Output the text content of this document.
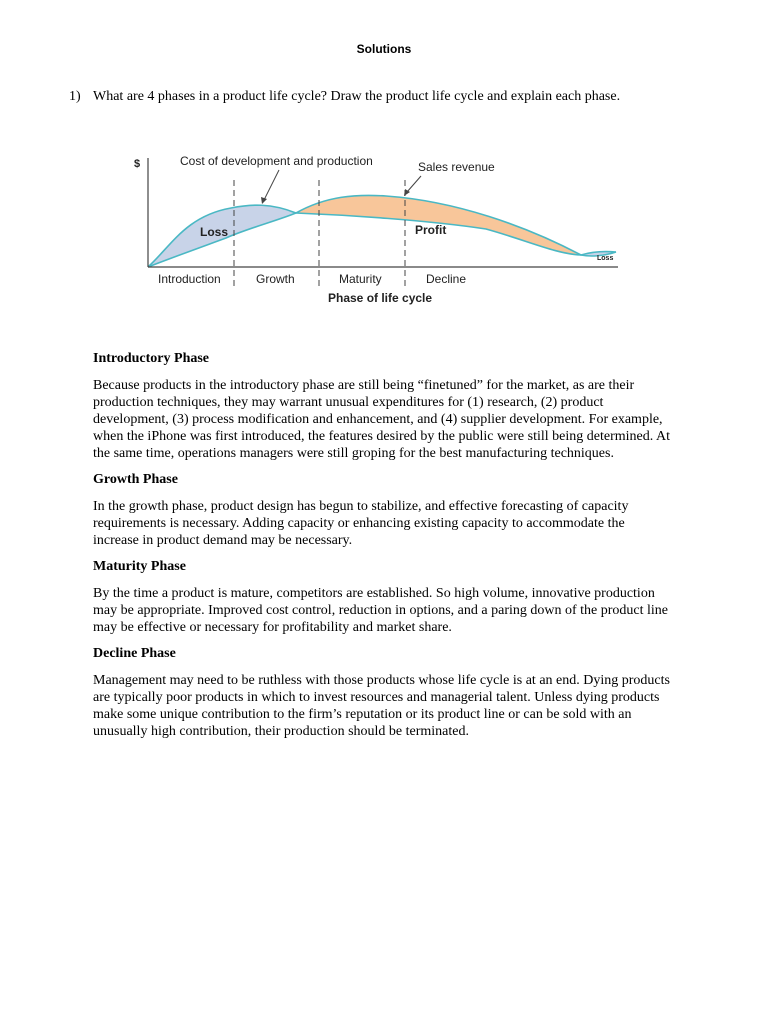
Solutions
1) What are 4 phases in a product life cycle? Draw the product life cycle and explain each phase.
$	Cost of development and production	Sales revenue
Loss	Profit
Loss
Introduction	Growth	Maturity	Decline
Phase of life cycle
Introductory Phase
Because products in the introductory phase are still being “finetuned” for the market, as are their production techniques, they may warrant unusual expenditures for (1) research, (2) product development, (3) process modification and enhancement, and (4) supplier development. For example, when the iPhone was first introduced, the features desired by the public were still being determined. At the same time, operations managers were still groping for the best manufacturing techniques.
Growth Phase
In the growth phase, product design has begun to stabilize, and effective forecasting of capacity requirements is necessary. Adding capacity or enhancing existing capacity to accommodate the increase in product demand may be necessary.
Maturity Phase
By the time a product is mature, competitors are established. So high volume, innovative production may be appropriate. Improved cost control, reduction in options, and a paring down of the product line may be effective or necessary for profitability and market share.
Decline Phase
Management may need to be ruthless with those products whose life cycle is at an end. Dying products are typically poor products in which to invest resources and managerial talent. Unless dying products make some unique contribution to the firm’s reputation or its product line or can be sold with an unusually high contribution, their production should be terminated.
